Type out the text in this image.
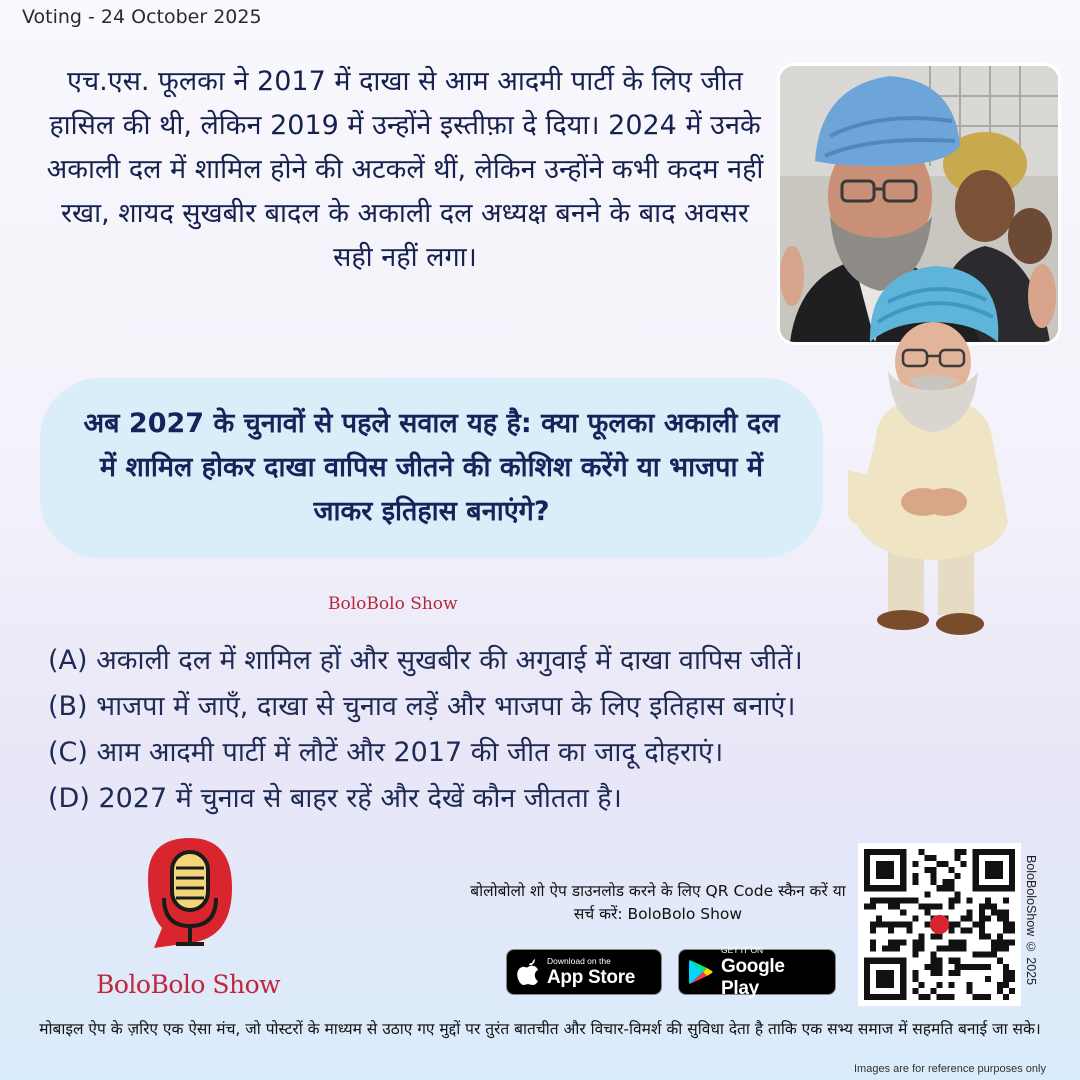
Voting - 24 October 2025
एच.एस. फूलका ने 2017 में दाखा से आम आदमी पार्टी के लिए जीत हासिल की थी, लेकिन 2019 में उन्होंने इस्तीफ़ा दे दिया। 2024 में उनके अकाली दल में शामिल होने की अटकलें थीं, लेकिन उन्होंने कभी कदम नहीं रखा, शायद सुखबीर बादल के अकाली दल अध्यक्ष बनने के बाद अवसर सही नहीं लगा।
अब 2027 के चुनावों से पहले सवाल यह है: क्या फूलका अकाली दल में शामिल होकर दाखा वापिस जीतने की कोशिश करेंगे या भाजपा में जाकर इतिहास बनाएंगे?
BoloBolo Show
(A) अकाली दल में शामिल हों और सुखबीर की अगुवाई में दाखा वापिस जीतें।
(B) भाजपा में जाएँ, दाखा से चुनाव लड़ें और भाजपा के लिए इतिहास बनाएं।
(C) आम आदमी पार्टी में लौटें और 2017 की जीत का जादू दोहराएं।
(D) 2027 में चुनाव से बाहर रहें और देखें कौन जीतता है।
BoloBolo Show
बोलोबोलो शो ऐप डाउनलोड करने के लिए QR Code स्कैन करें या सर्च करें: BoloBolo Show
Download on the
App Store
GET IT ON
Google Play
BoloBoloShow © 2025
मोबाइल ऐप के ज़रिए एक ऐसा मंच, जो पोस्टरों के माध्यम से उठाए गए मुद्दों पर तुरंत बातचीत और विचार-विमर्श की सुविधा देता है ताकि एक सभ्य समाज में सहमति बनाई जा सके।
Images are for reference purposes only
